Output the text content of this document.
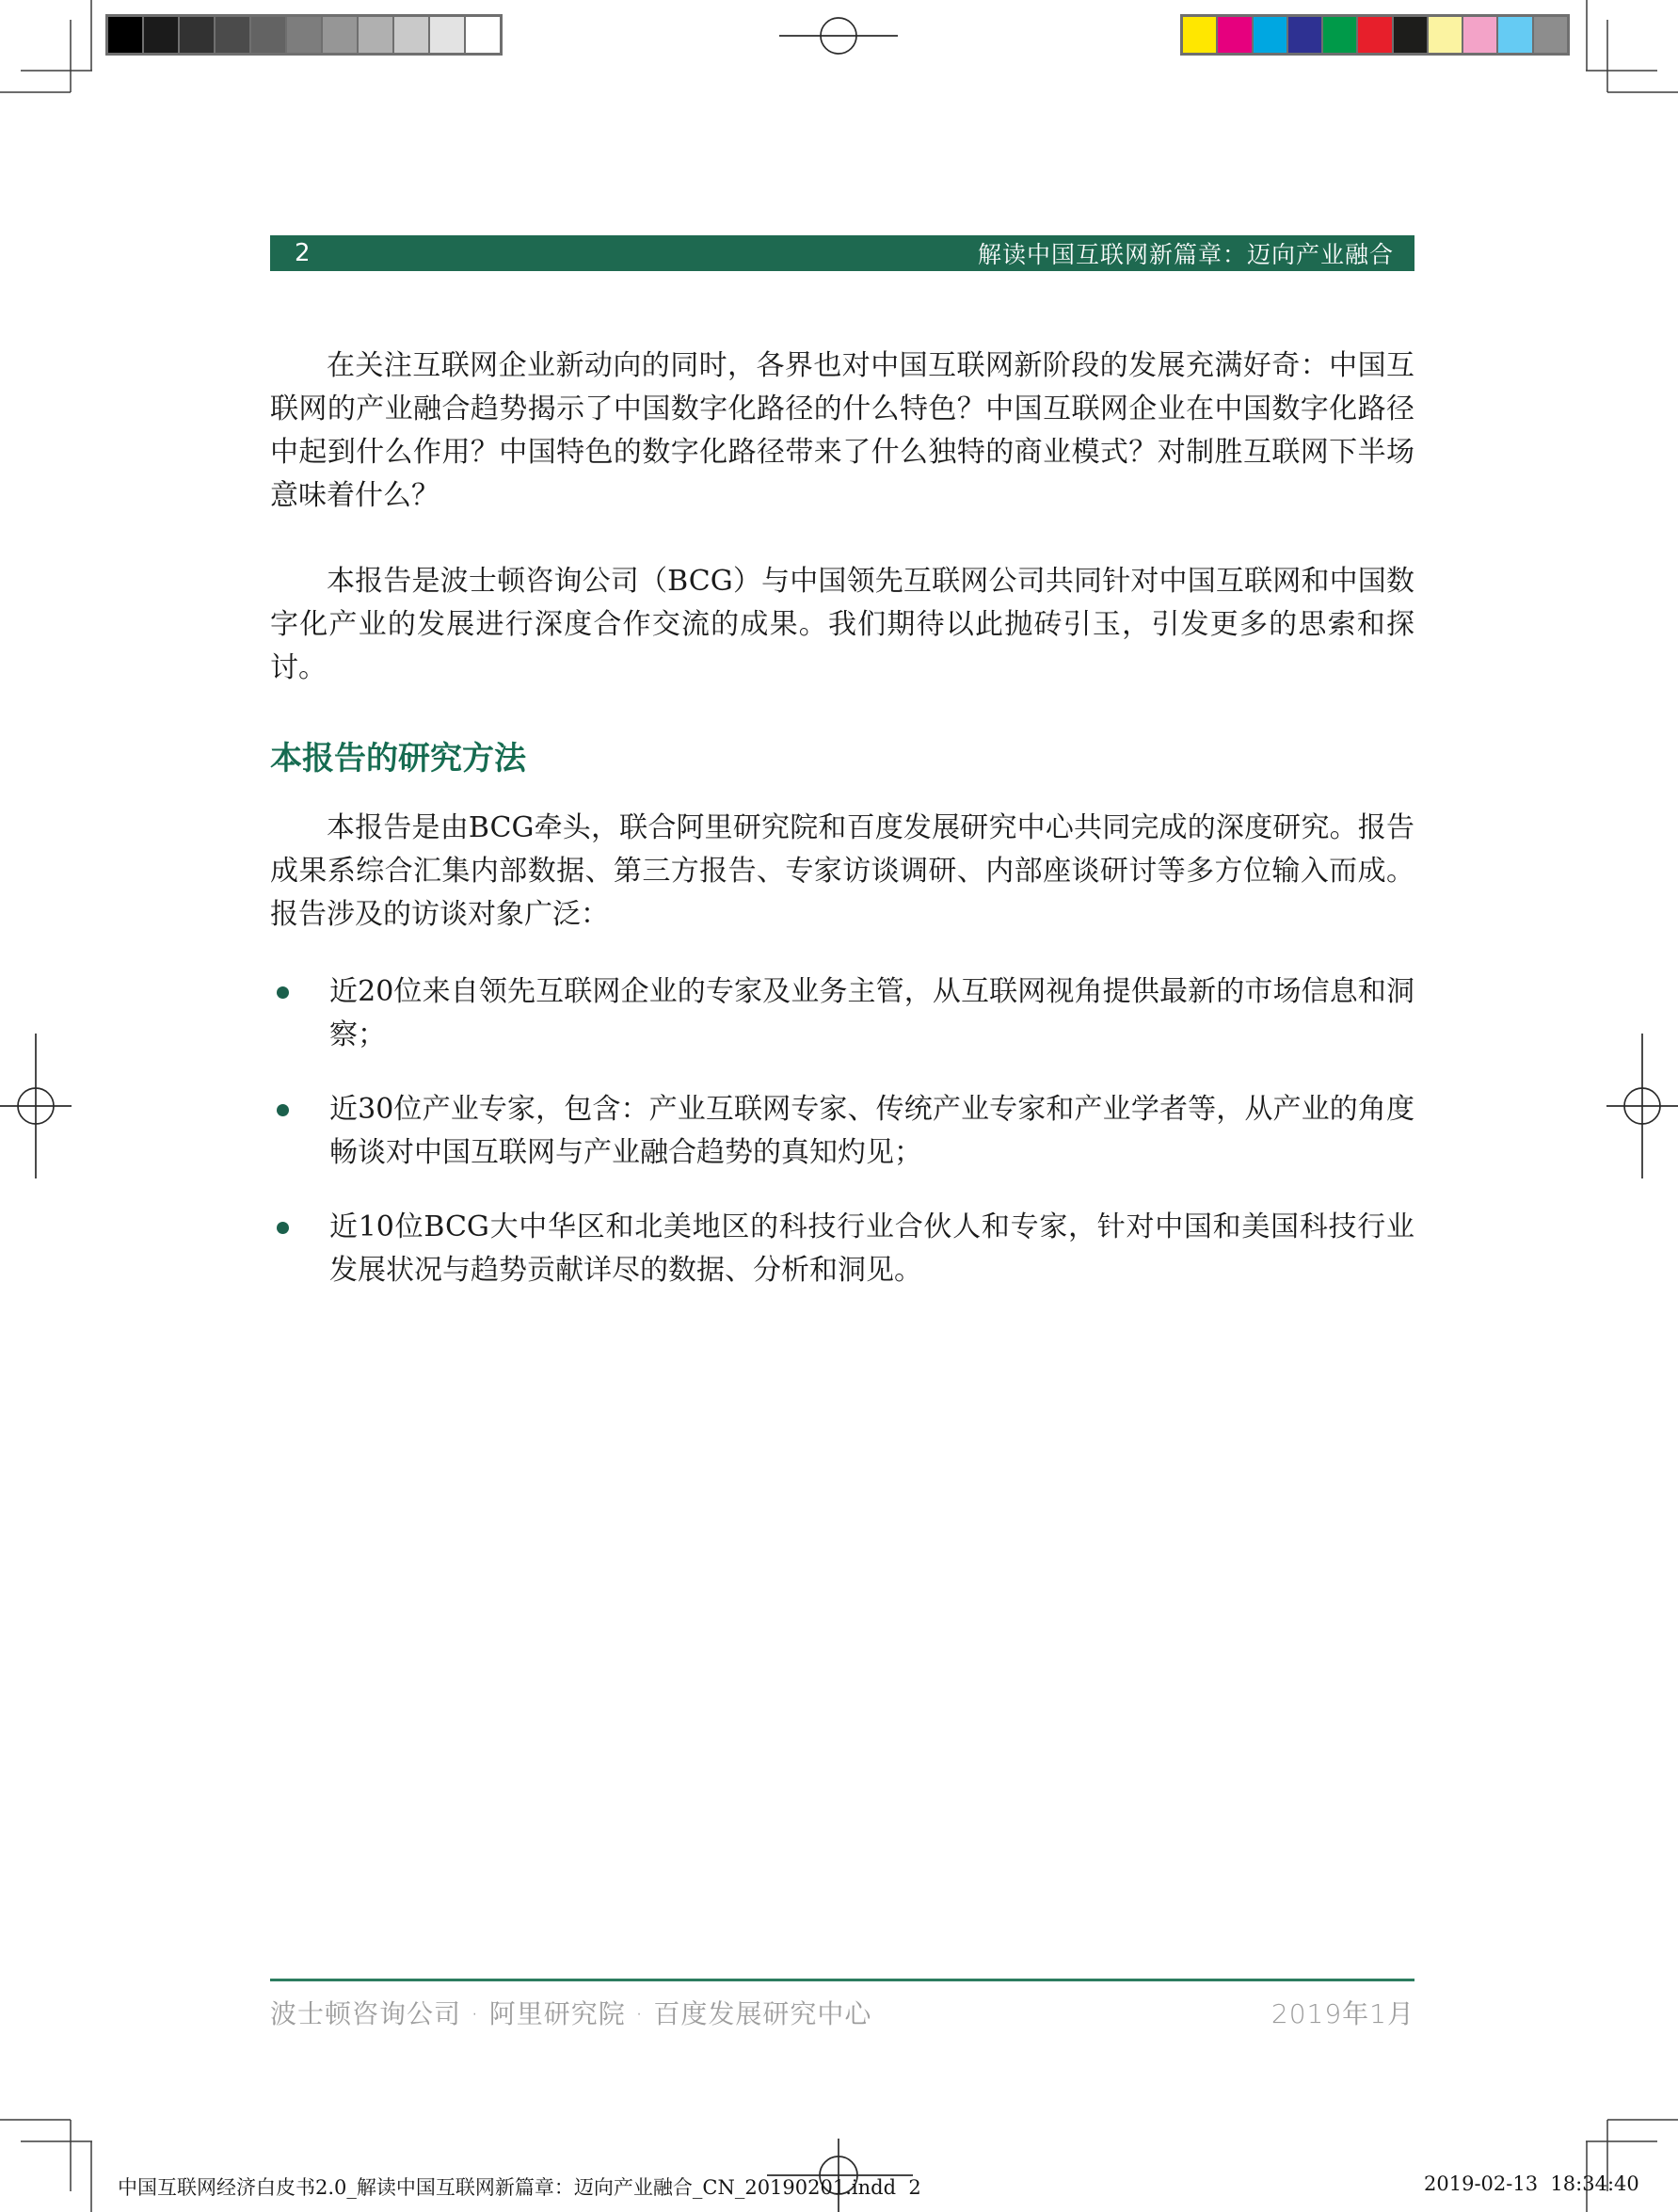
2	解读中国互联网新篇章：迈向产业融合

在关注互联网企业新动向的同时，各界也对中国互联网新阶段的发展充满好奇：中国互联网的产业融合趋势揭示了中国数字化路径的什么特色？中国互联网企业在中国数字化路径中起到什么作用？中国特色的数字化路径带来了什么独特的商业模式？对制胜互联网下半场意味着什么？

本报告是波士顿咨询公司（BCG）与中国领先互联网公司共同针对中国互联网和中国数字化产业的发展进行深度合作交流的成果。我们期待以此抛砖引玉，引发更多的思索和探讨。

本报告的研究方法

本报告是由BCG牵头，联合阿里研究院和百度发展研究中心共同完成的深度研究。报告成果系综合汇集内部数据、第三方报告、专家访谈调研、内部座谈研讨等多方位输入而成。报告涉及的访谈对象广泛：

近20位来自领先互联网企业的专家及业务主管，从互联网视角提供最新的市场信息和洞察；
近30位产业专家，包含：产业互联网专家、传统产业专家和产业学者等，从产业的角度畅谈对中国互联网与产业融合趋势的真知灼见；
近10位BCG大中华区和北美地区的科技行业合伙人和专家，针对中国和美国科技行业发展状况与趋势贡献详尽的数据、分析和洞见。
波士顿咨询公司 · 阿里研究院 · 百度发展研究中心	2019年1月
中国互联网经济白皮书2.0_解读中国互联网新篇章：迈向产业融合_CN_20190201.indd  2	2019-02-13  18:34:40
